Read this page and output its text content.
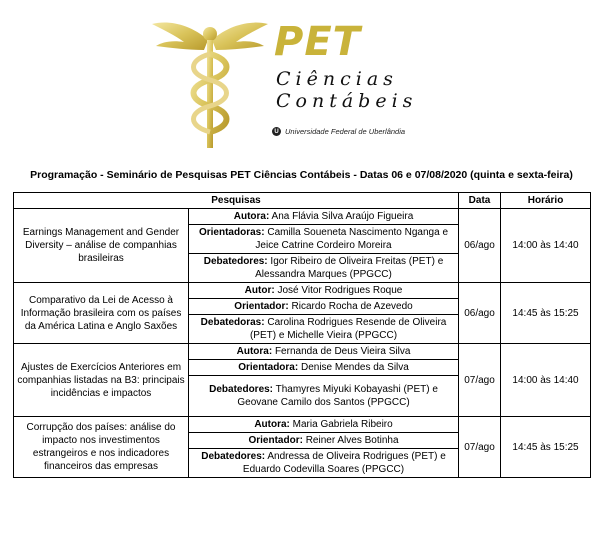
PET
Ciências
Contábeis
U Universidade Federal de Uberlândia
Programação - Seminário de Pesquisas PET Ciências Contábeis - Datas 06 e 07/08/2020 (quinta e sexta-feira)
Pesquisas		Data	Horário
Earnings Management and Gender Diversity – análise de companhias brasileiras	Autora: Ana Flávia Silva Araújo Figueira	06/ago	14:00 às 14:40
	Orientadoras: Camilla Soueneta Nascimento Nganga e Jeice Catrine Cordeiro Moreira		
	Debatedores: Igor Ribeiro de Oliveira Freitas (PET) e Alessandra Marques (PPGCC)		
Comparativo da Lei de Acesso à Informação brasileira com os países da América Latina e Anglo Saxões	Autor: José Vitor Rodrigues Roque	06/ago	14:45 às 15:25
	Orientador: Ricardo Rocha de Azevedo		
	Debatedoras: Carolina Rodrigues Resende de Oliveira (PET) e Michelle Vieira (PPGCC)		
Ajustes de Exercícios Anteriores em companhias listadas na B3: principais incidências e impactos	Autora: Fernanda de Deus Vieira Silva	07/ago	14:00 às 14:40
	Orientadora: Denise Mendes da Silva		
	Debatedores: Thamyres Miyuki Kobayashi (PET) e Geovane Camilo dos Santos (PPGCC)		
Corrupção dos países: análise do impacto nos investimentos estrangeiros e nos indicadores financeiros das empresas	Autora: Maria Gabriela Ribeiro	07/ago	14:45 às 15:25
	Orientador: Reiner Alves Botinha		
	Debatedores: Andressa de Oliveira Rodrigues (PET) e Eduardo Codevilla Soares (PPGCC)		
